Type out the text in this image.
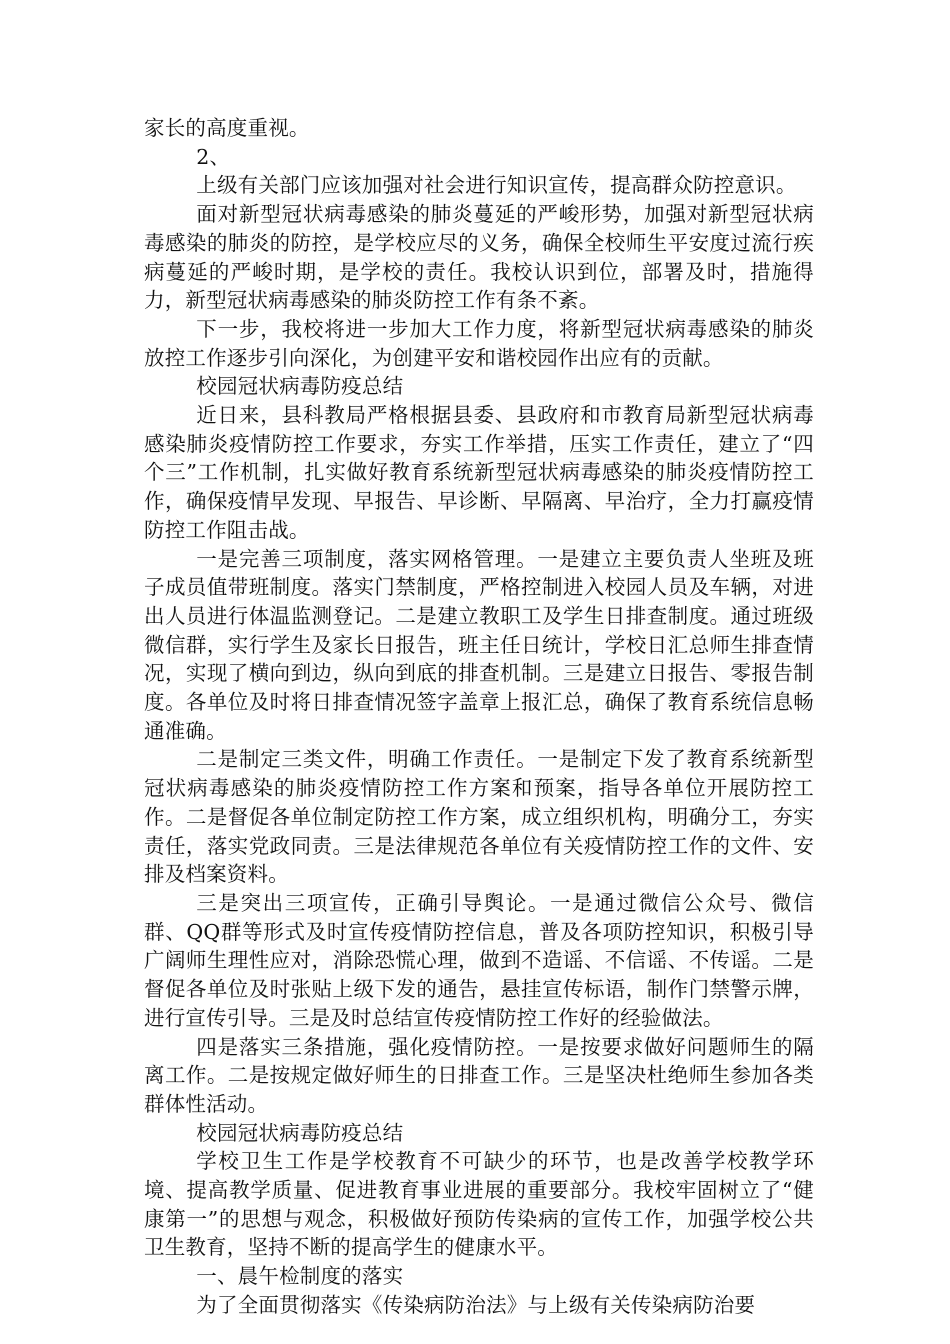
家长的高度重视。

2、

上级有关部门应该加强对社会进行知识宣传，提高群众防控意识。

面对新型冠状病毒感染的肺炎蔓延的严峻形势，加强对新型冠状病毒感染的肺炎的防控，是学校应尽的义务，确保全校师生平安度过流行疾病蔓延的严峻时期，是学校的责任。我校认识到位，部署及时，措施得力，新型冠状病毒感染的肺炎防控工作有条不紊。

下一步，我校将进一步加大工作力度，将新型冠状病毒感染的肺炎放控工作逐步引向深化，为创建平安和谐校园作出应有的贡献。

校园冠状病毒防疫总结

近日来，县科教局严格根据县委、县政府和市教育局新型冠状病毒感染肺炎疫情防控工作要求，夯实工作举措，压实工作责任，建立了“四个三”工作机制，扎实做好教育系统新型冠状病毒感染的肺炎疫情防控工作，确保疫情早发现、早报告、早诊断、早隔离、早治疗，全力打赢疫情防控工作阻击战。

一是完善三项制度，落实网格管理。一是建立主要负责人坐班及班子成员值带班制度。落实门禁制度，严格控制进入校园人员及车辆，对进出人员进行体温监测登记。二是建立教职工及学生日排查制度。通过班级微信群，实行学生及家长日报告，班主任日统计，学校日汇总师生排查情况，实现了横向到边，纵向到底的排查机制。三是建立日报告、零报告制度。各单位及时将日排查情况签字盖章上报汇总，确保了教育系统信息畅通准确。

二是制定三类文件，明确工作责任。一是制定下发了教育系统新型冠状病毒感染的肺炎疫情防控工作方案和预案，指导各单位开展防控工作。二是督促各单位制定防控工作方案，成立组织机构，明确分工，夯实责任，落实党政同责。三是法律规范各单位有关疫情防控工作的文件、安排及档案资料。

三是突出三项宣传，正确引导舆论。一是通过微信公众号、微信群、QQ群等形式及时宣传疫情防控信息，普及各项防控知识，积极引导广阔师生理性应对，消除恐慌心理，做到不造谣、不信谣、不传谣。二是督促各单位及时张贴上级下发的通告，悬挂宣传标语，制作门禁警示牌，进行宣传引导。三是及时总结宣传疫情防控工作好的经验做法。

四是落实三条措施，强化疫情防控。一是按要求做好问题师生的隔离工作。二是按规定做好师生的日排查工作。三是坚决杜绝师生参加各类群体性活动。

校园冠状病毒防疫总结

学校卫生工作是学校教育不可缺少的环节，也是改善学校教学环境、提高教学质量、促进教育事业进展的重要部分。我校牢固树立了“健康第一”的思想与观念，积极做好预防传染病的宣传工作，加强学校公共卫生教育，坚持不断的提高学生的健康水平。

一、晨午检制度的落实

为了全面贯彻落实《传染病防治法》与上级有关传染病防治要
